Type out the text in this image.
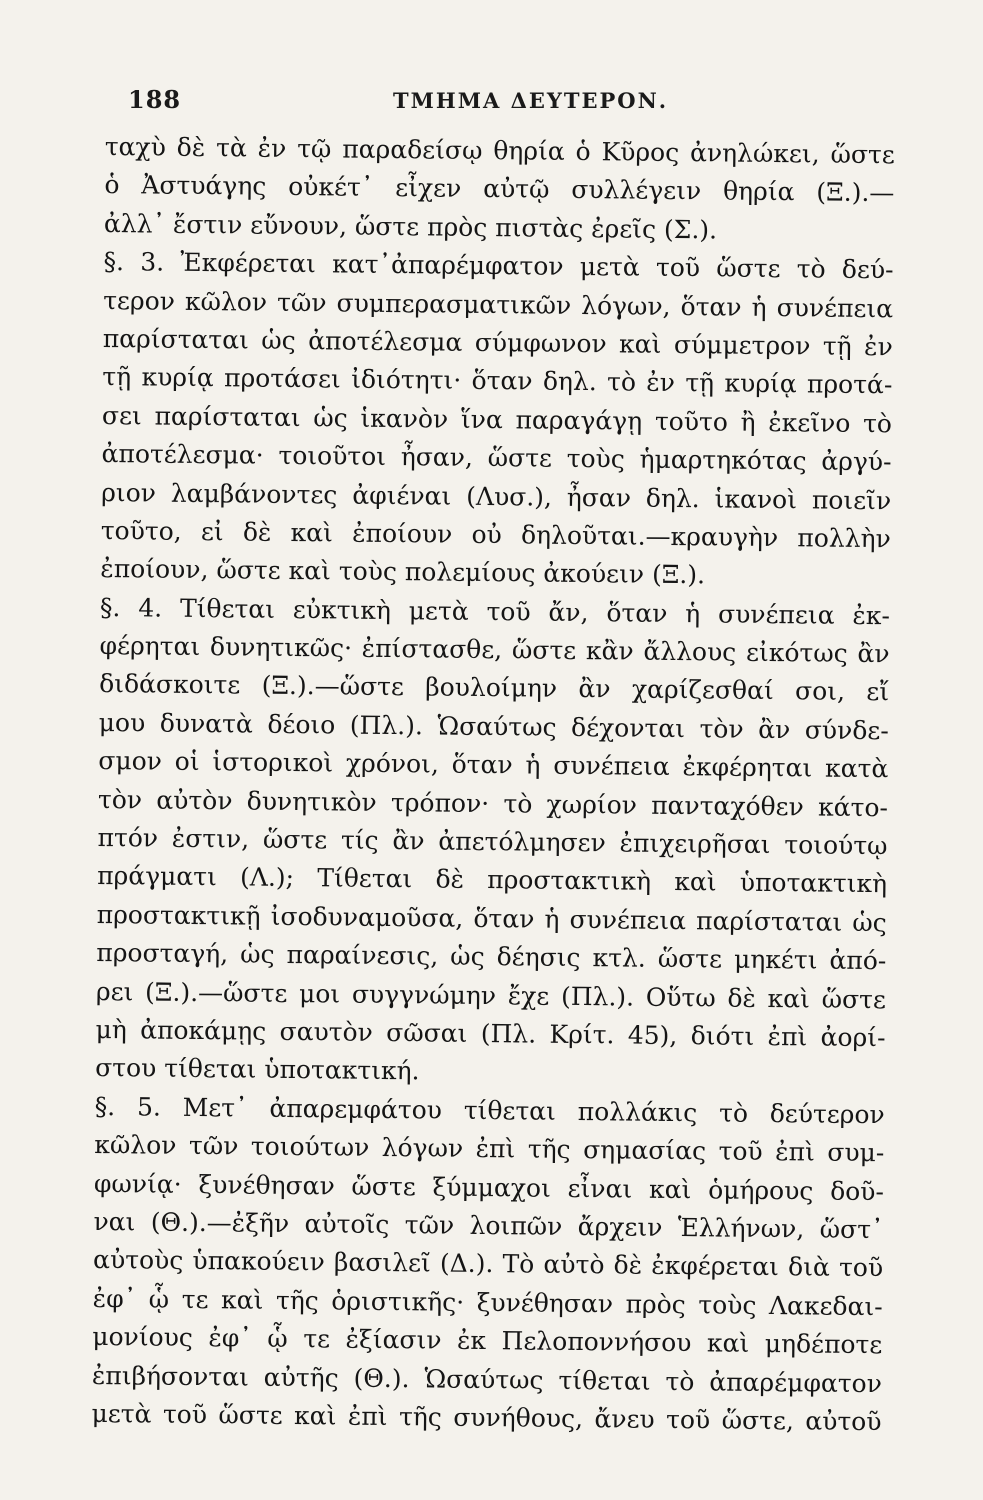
188	ΤΜΗΜΑ ΔΕΥΤΕΡΟΝ.
ταχὺ δὲ τὰ ἐν τῷ παραδείσῳ θηρία ὁ Κῦρος ἀνηλώκει, ὥστε
ὁ Ἀστυάγης οὐκέτ᾽ εἶχεν αὐτῷ συλλέγειν θηρία (Ξ.).—
ἀλλ᾽ ἔστιν εὔνουν, ὥστε πρὸς πιστὰς ἐρεῖς (Σ.).
§. 3. Ἐκφέρεται κατ᾽ἀπαρέμφατον μετὰ τοῦ ὥστε τὸ δεύ-
τερον κῶλον τῶν συμπερασματικῶν λόγων, ὅταν ἡ συνέπεια
παρίσταται ὡς ἀποτέλεσμα σύμφωνον καὶ σύμμετρον τῇ ἐν
τῇ κυρίᾳ προτάσει ἰδιότητι· ὅταν δηλ. τὸ ἐν τῇ κυρίᾳ προτά-
σει παρίσταται ὡς ἱκανὸν ἵνα παραγάγῃ τοῦτο ἢ ἐκεῖνο τὸ
ἀποτέλεσμα· τοιοῦτοι ἦσαν, ὥστε τοὺς ἡμαρτηκότας ἀργύ-
ριον λαμβάνοντες ἀφιέναι (Λυσ.), ἦσαν δηλ. ἱκανοὶ ποιεῖν
τοῦτο, εἰ δὲ καὶ ἐποίουν οὐ δηλοῦται.—κραυγὴν πολλὴν
ἐποίουν, ὥστε καὶ τοὺς πολεμίους ἀκούειν (Ξ.).
§. 4. Τίθεται εὐκτικὴ μετὰ τοῦ ἄν, ὅταν ἡ συνέπεια ἐκ-
φέρηται δυνητικῶς· ἐπίστασθε, ὥστε κἂν ἄλλους εἰκότως ἂν
διδάσκοιτε (Ξ.).—ὥστε βουλοίμην ἂν χαρίζεσθαί σοι, εἴ
μου δυνατὰ δέοιο (Πλ.). Ὡσαύτως δέχονται τὸν ἂν σύνδε-
σμον οἱ ἱστορικοὶ χρόνοι, ὅταν ἡ συνέπεια ἐκφέρηται κατὰ
τὸν αὐτὸν δυνητικὸν τρόπον· τὸ χωρίον πανταχόθεν κάτο-
πτόν ἐστιν, ὥστε τίς ἂν ἀπετόλμησεν ἐπιχειρῆσαι τοιούτῳ
πράγματι (Λ.); Τίθεται δὲ προστακτικὴ καὶ ὑποτακτικὴ
προστακτικῇ ἰσοδυναμοῦσα, ὅταν ἡ συνέπεια παρίσταται ὡς
προσταγή, ὡς παραίνεσις, ὡς δέησις κτλ. ὥστε μηκέτι ἀπό-
ρει (Ξ.).—ὥστε μοι συγγνώμην ἔχε (Πλ.). Οὕτω δὲ καὶ ὥστε
μὴ ἀποκάμῃς σαυτὸν σῶσαι (Πλ. Κρίτ. 45), διότι ἐπὶ ἀορί-
στου τίθεται ὑποτακτική.
§. 5. Μετ᾽ ἀπαρεμφάτου τίθεται πολλάκις τὸ δεύτερον
κῶλον τῶν τοιούτων λόγων ἐπὶ τῆς σημασίας τοῦ ἐπὶ συμ-
φωνίᾳ· ξυνέθησαν ὥστε ξύμμαχοι εἶναι καὶ ὁμήρους δοῦ-
ναι (Θ.).—ἐξῆν αὐτοῖς τῶν λοιπῶν ἄρχειν Ἑλλήνων, ὥστ᾽
αὐτοὺς ὑπακούειν βασιλεῖ (Δ.). Τὸ αὐτὸ δὲ ἐκφέρεται διὰ τοῦ
ἐφ᾽ ᾧ τε καὶ τῆς ὁριστικῆς· ξυνέθησαν πρὸς τοὺς Λακεδαι-
μονίους ἐφ᾽ ᾧ τε ἐξίασιν ἐκ Πελοποννήσου καὶ μηδέποτε
ἐπιβήσονται αὐτῆς (Θ.). Ὡσαύτως τίθεται τὸ ἀπαρέμφατον
μετὰ τοῦ ὥστε καὶ ἐπὶ τῆς συνήθους, ἄνευ τοῦ ὥστε, αὐτοῦ
